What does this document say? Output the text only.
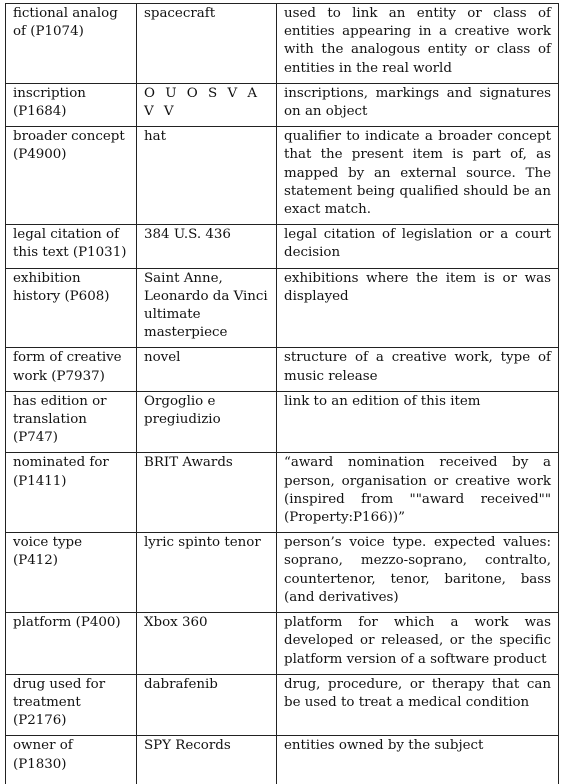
fictional analog of (P1074)	spacecraft	used to link an entity or class of entities appearing in a creative work with the analogous entity or class of entities in the real world
inscription (P1684)	O U O S V A V V	inscriptions, markings and signatures on an object
broader concept (P4900)	hat	qualifier to indicate a broader concept that the present item is part of, as mapped by an external source. The statement being qualified should be an exact match.
legal citation of this text (P1031)	384 U.S. 436	legal citation of legislation or a court decision
exhibition history (P608)	Saint Anne, Leonardo da Vinci ultimate masterpiece	exhibitions where the item is or was displayed
form of creative work (P7937)	novel	structure of a creative work, type of music release
has edition or translation (P747)	Orgoglio e pregiudizio	link to an edition of this item
nominated for (P1411)	BRIT Awards	“award nomination received by a person, organisation or creative work (inspired from ""award received"" (Property:P166))”
voice type (P412)	lyric spinto tenor	person’s voice type. expected values: soprano, mezzo-soprano, contralto, countertenor, tenor, baritone, bass (and derivatives)
platform (P400)	Xbox 360	platform for which a work was developed or released, or the specific platform version of a software product
drug used for treatment (P2176)	dabrafenib	drug, procedure, or therapy that can be used to treat a medical condition
owner of (P1830)	SPY Records	entities owned by the subject
